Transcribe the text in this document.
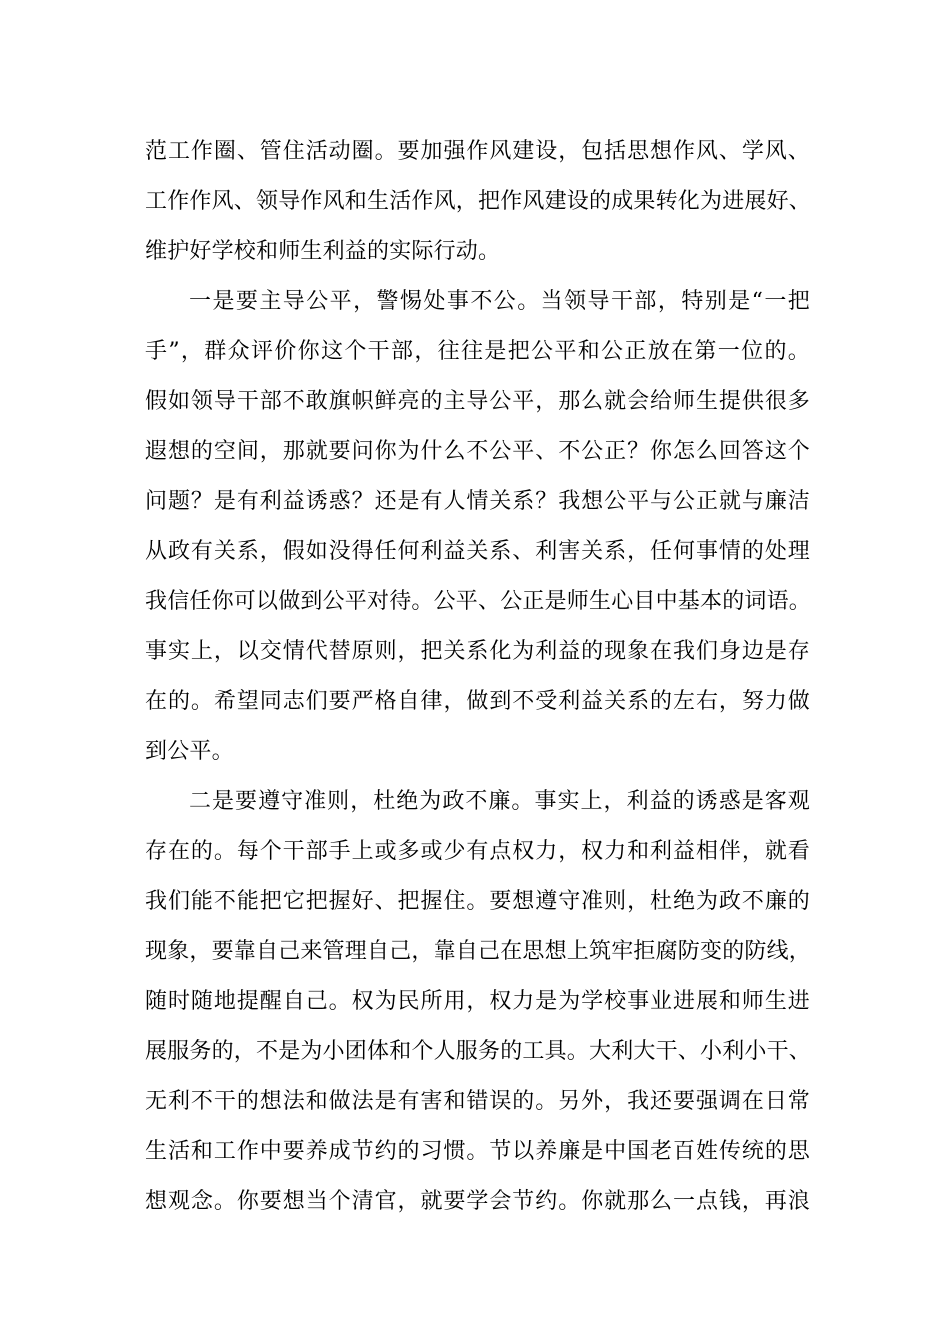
范工作圈、管住活动圈。要加强作风建设，包括思想作风、学风、
工作作风、领导作风和生活作风，把作风建设的成果转化为进展好、
维护好学校和师生利益的实际行动。
一是要主导公平，警惕处事不公。当领导干部，特别是“一把
手”，群众评价你这个干部，往往是把公平和公正放在第一位的。
假如领导干部不敢旗帜鲜亮的主导公平，那么就会给师生提供很多
遐想的空间，那就要问你为什么不公平、不公正？你怎么回答这个
问题？是有利益诱惑？还是有人情关系？我想公平与公正就与廉洁
从政有关系，假如没得任何利益关系、利害关系，任何事情的处理
我信任你可以做到公平对待。公平、公正是师生心目中基本的词语。
事实上，以交情代替原则，把关系化为利益的现象在我们身边是存
在的。希望同志们要严格自律，做到不受利益关系的左右，努力做
到公平。
二是要遵守准则，杜绝为政不廉。事实上，利益的诱惑是客观
存在的。每个干部手上或多或少有点权力，权力和利益相伴，就看
我们能不能把它把握好、把握住。要想遵守准则，杜绝为政不廉的
现象，要靠自己来管理自己，靠自己在思想上筑牢拒腐防变的防线，
随时随地提醒自己。权为民所用，权力是为学校事业进展和师生进
展服务的，不是为小团体和个人服务的工具。大利大干、小利小干、
无利不干的想法和做法是有害和错误的。另外，我还要强调在日常
生活和工作中要养成节约的习惯。节以养廉是中国老百姓传统的思
想观念。你要想当个清官，就要学会节约。你就那么一点钱，再浪
